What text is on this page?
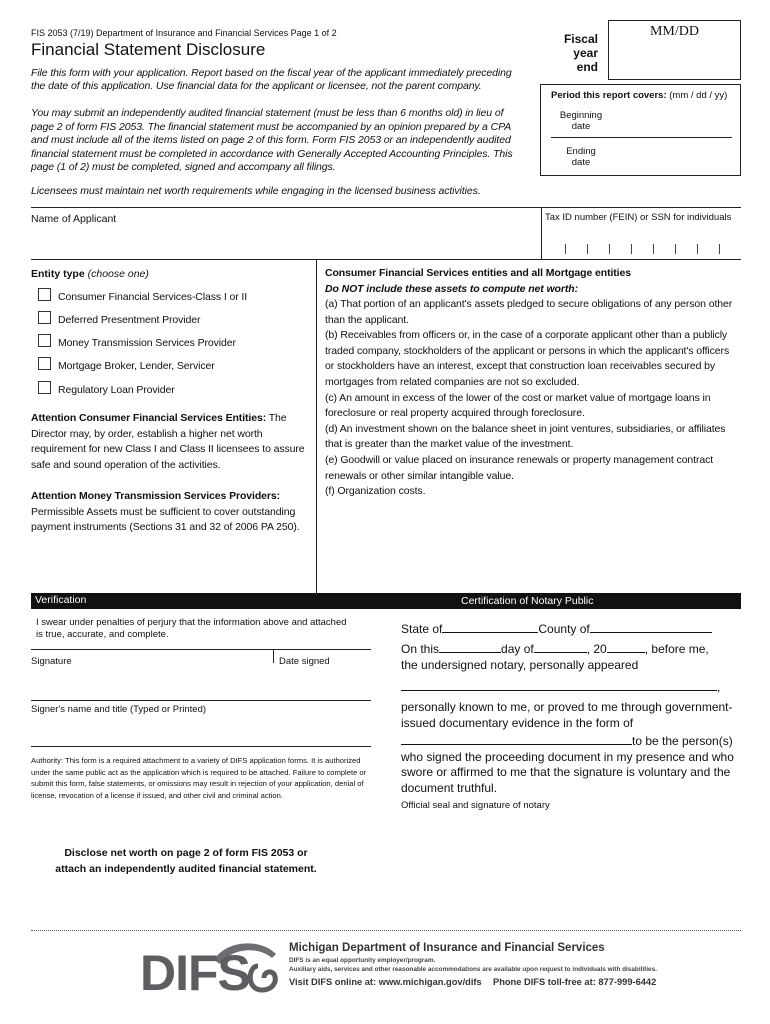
FIS 2053 (7/19) Department of Insurance and Financial Services Page 1 of 2
Financial Statement Disclosure
Fiscal
year end
MM/DD
File this form with your application. Report based on the fiscal year of the applicant immediately preceding the date of this application. Use financial data for the applicant or licensee, not the parent company.
You may submit an independently audited financial statement (must be less than 6 months old) in lieu of page 2 of form FIS 2053. The financial statement must be accompanied by an opinion prepared by a CPA and must include all of the items listed on page 2 of this form. Form FIS 2053 or an independently audited financial statement must be completed in accordance with Generally Accepted Accounting Principles. This page (1 of 2) must be completed, signed and accompany all filings.
Licensees must maintain net worth requirements while engaging in the licensed business activities.
Period this report covers: (mm / dd / yy)
Beginning
date
Ending
date
Name of Applicant	Tax ID number (FEIN) or SSN for individuals
Entity type (choose one)
Consumer Financial Services-Class I or II
Deferred Presentment Provider
Money Transmission Services Provider
Mortgage Broker, Lender, Servicer
Regulatory Loan Provider
Attention Consumer Financial Services Entities: The Director may, by order, establish a higher net worth requirement for new Class I and Class II licensees to assure safe and sound operation of the activities.
Attention Money Transmission Services Providers:
Permissible Assets must be sufficient to cover outstanding payment instruments (Sections 31 and 32 of 2006 PA 250).
Consumer Financial Services entities and all Mortgage entities
Do NOT include these assets to compute net worth:
(a) That portion of an applicant's assets pledged to secure obligations of any person other than the applicant.
(b) Receivables from officers or, in the case of a corporate applicant other than a publicly traded company, stockholders of the applicant or persons in which the applicant's officers or stockholders have an interest, except that construction loan receivables secured by mortgages from related companies are not so excluded.
(c) An amount in excess of the lower of the cost or market value of mortgage loans in foreclosure or real property acquired through foreclosure.
(d) An investment shown on the balance sheet in joint ventures, subsidiaries, or affiliates that is greater than the market value of the investment.
(e) Goodwill or value placed on insurance renewals or property management contract renewals or other similar intangible value.
(f) Organization costs.
Verification	Certification of Notary Public
I swear under penalties of perjury that the information above and attached is true, accurate, and complete.
Signature	Date signed
Signer's name and title (Typed or Printed)
Authority: This form is a required attachment to a variety of DIFS application forms. It is authorized under the same public act as the application which is required to be attached. Failure to complete or submit this form, false statements, or omissions may result in rejection of your application, denial of license, revocation of a license if issued, and other civil and criminal action.
Disclose net worth on page 2 of form FIS 2053 or
attach an independently audited financial statement.
State of	County of
On this	day of	, 20	, before me,
the undersigned notary, personally appeared
,
personally known to me, or proved to me through government-
issued documentary evidence in the form of
to be the person(s)
who signed the proceeding document in my presence and who
swore or affirmed to me that the signature is voluntary and the
document truthful.
Official seal and signature of notary
DIFS	Michigan Department of Insurance and Financial Services
DIFS is an equal opportunity employer/program.
Auxiliary aids, services and other reasonable accommodations are available upon request to individuals with disabilities.
Visit DIFS online at: www.michigan.gov/difs Phone DIFS toll-free at: 877-999-6442
